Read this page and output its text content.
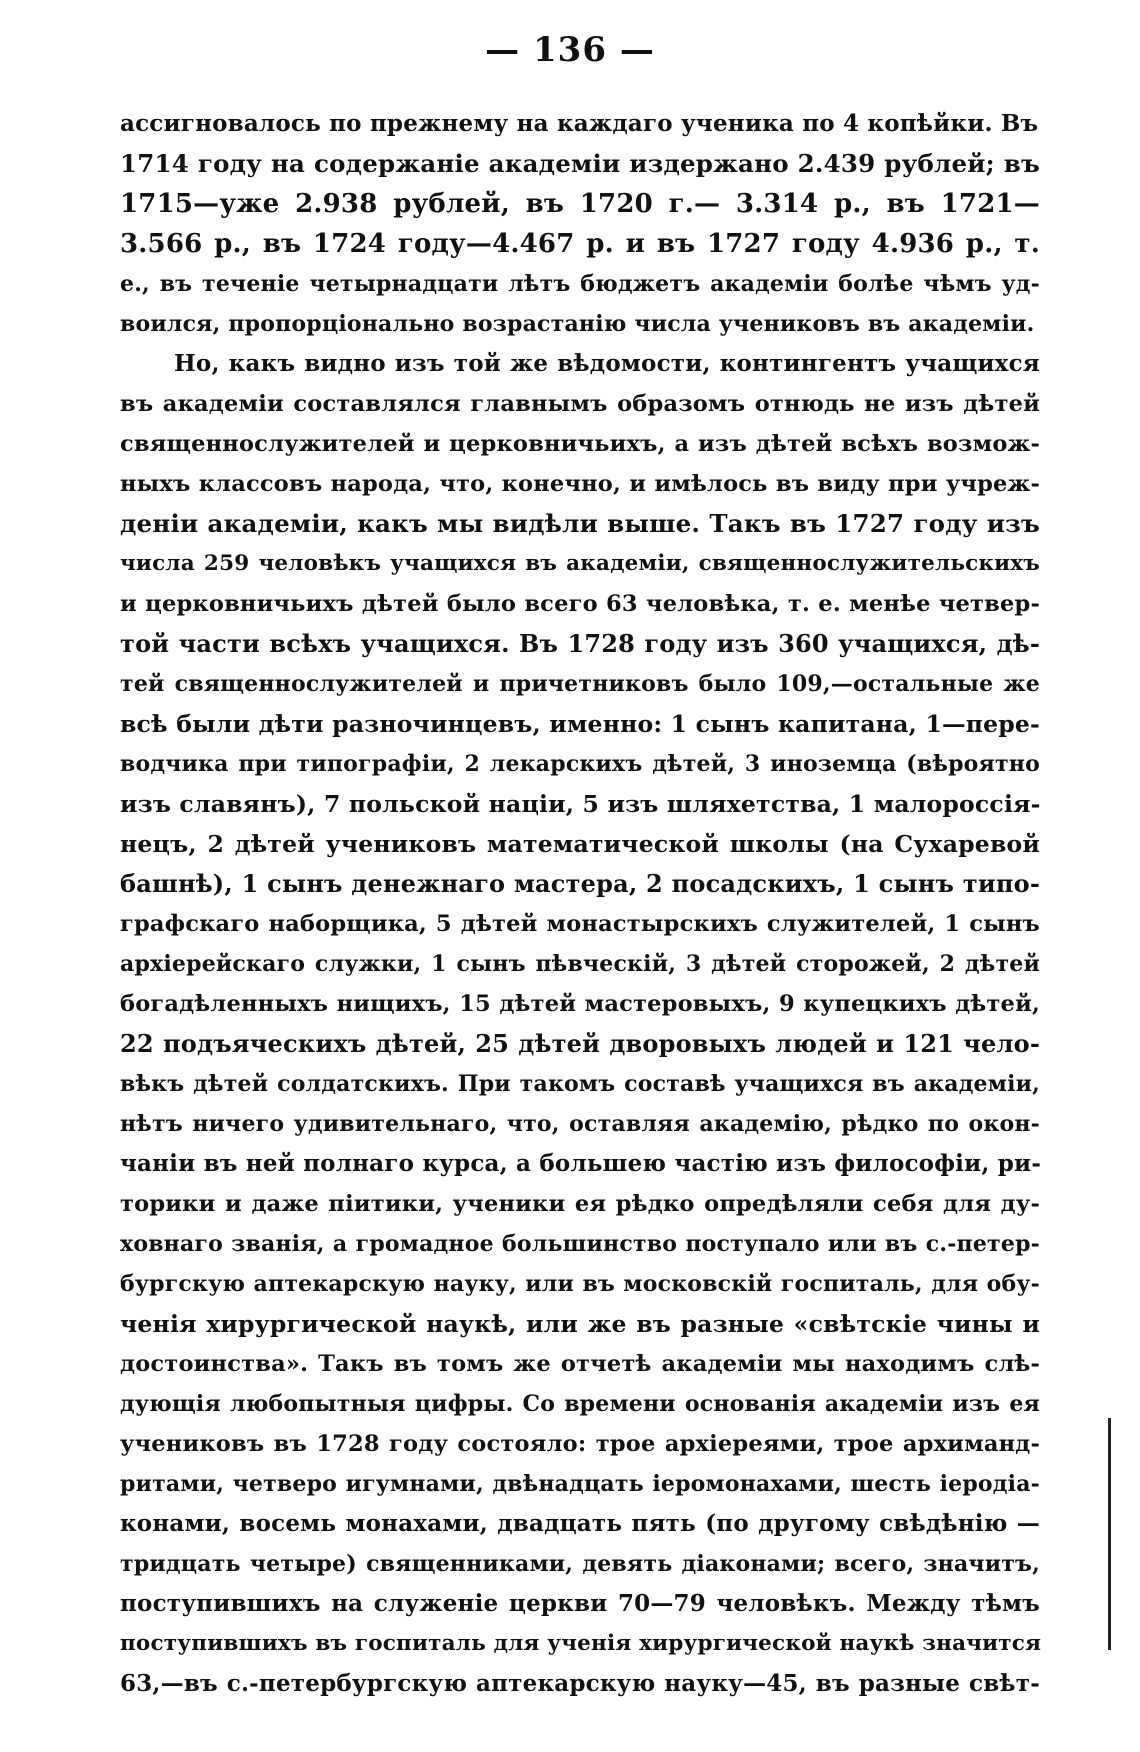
— 136 —
ассигновалось по прежнему на каждаго ученика по 4 копѣйки. Въ
1714 году на содержаніе академіи издержано 2.439 рублей; въ
1715—уже 2.938 рублей, въ 1720 г.— 3.314 р., въ 1721—
3.566 р., въ 1724 году—4.467 р. и въ 1727 году 4.936 р., т.
е., въ теченіе четырнадцати лѣтъ бюджетъ академіи болѣе чѣмъ уд-
воился, пропорціонально возрастанію числа учениковъ въ академіи.
Но, какъ видно изъ той же вѣдомости, контингентъ учащихся
въ академіи составлялся главнымъ образомъ отнюдь не изъ дѣтей
священнослужителей и церковничьихъ, а изъ дѣтей всѣхъ возмож-
ныхъ классовъ народа, что, конечно, и имѣлось въ виду при учреж-
деніи академіи, какъ мы видѣли выше. Такъ въ 1727 году изъ
числа 259 человѣкъ учащихся въ академіи, священнослужительскихъ
и церковничьихъ дѣтей было всего 63 человѣка, т. е. менѣе четвер-
той части всѣхъ учащихся. Въ 1728 году изъ 360 учащихся, дѣ-
тей священнослужителей и причетниковъ было 109,—остальные же
всѣ были дѣти разночинцевъ, именно: 1 сынъ капитана, 1—пере-
водчика при типографіи, 2 лекарскихъ дѣтей, 3 иноземца (вѣроятно
изъ славянъ), 7 польской націи, 5 изъ шляхетства, 1 малороссія-
нецъ, 2 дѣтей учениковъ математической школы (на Сухаревой
башнѣ), 1 сынъ денежнаго мастера, 2 посадскихъ, 1 сынъ типо-
графскаго наборщика, 5 дѣтей монастырскихъ служителей, 1 сынъ
архіерейскаго служки, 1 сынъ пѣвческій, 3 дѣтей сторожей, 2 дѣтей
богадѣленныхъ нищихъ, 15 дѣтей мастеровыхъ, 9 купецкихъ дѣтей,
22 подъяческихъ дѣтей, 25 дѣтей дворовыхъ людей и 121 чело-
вѣкъ дѣтей солдатскихъ. При такомъ составѣ учащихся въ академіи,
нѣтъ ничего удивительнаго, что, оставляя академію, рѣдко по окон-
чаніи въ ней полнаго курса, а большею частію изъ философіи, ри-
торики и даже піитики, ученики ея рѣдко опредѣляли себя для ду-
ховнаго званія, а громадное большинство поступало или въ с.-петер-
бургскую аптекарскую науку, или въ московскій госпиталь, для обу-
ченія хирургической наукѣ, или же въ разные «свѣтскіе чины и
достоинства». Такъ въ томъ же отчетѣ академіи мы находимъ слѣ-
дующія любопытныя цифры. Со времени основанія академіи изъ ея
учениковъ въ 1728 году состояло: трое архіереями, трое архиманд-
ритами, четверо игумнами, двѣнадцать іеромонахами, шесть іеродіа-
конами, восемь монахами, двадцать пять (по другому свѣдѣнію —
тридцать четыре) священниками, девять діаконами; всего, значитъ,
поступившихъ на служеніе церкви 70—79 человѣкъ. Между тѣмъ
поступившихъ въ госпиталь для ученія хирургической наукѣ значится
63,—въ с.-петербургскую аптекарскую науку—45, въ разные свѣт-
